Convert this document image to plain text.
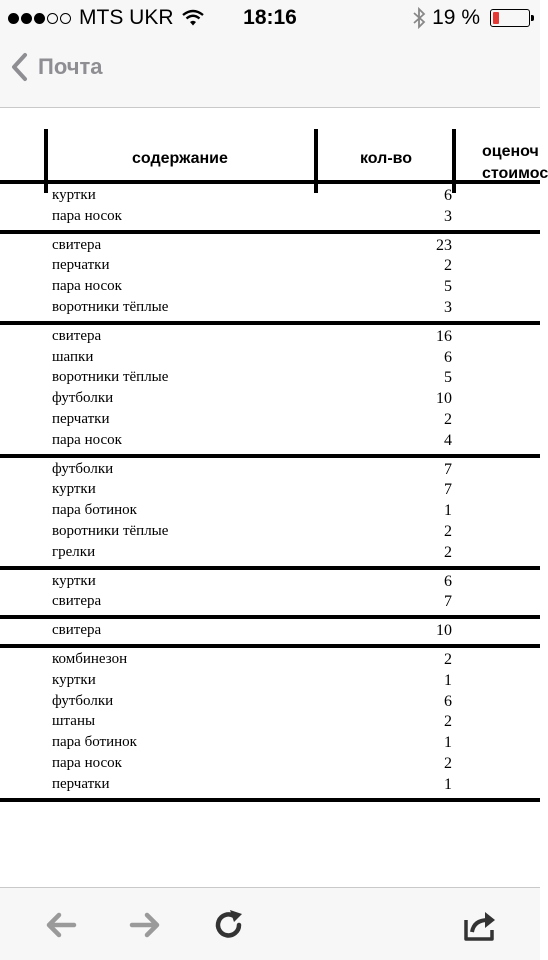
MTS UKR	18:16	19 %
Почта
содержание	кол-во	оценоч
стоимос
куртки	6
пара носок	3
свитера	23
перчатки	2
пара носок	5
воротники тёплые	3
свитера	16
шапки	6
воротники тёплые	5
футболки	10
перчатки	2
пара носок	4
футболки	7
куртки	7
пара ботинок	1
воротники тёплые	2
грелки	2
куртки	6
свитера	7
свитера	10
комбинезон	2
куртки	1
футболки	6
штаны	2
пара ботинок	1
пара носок	2
перчатки	1
